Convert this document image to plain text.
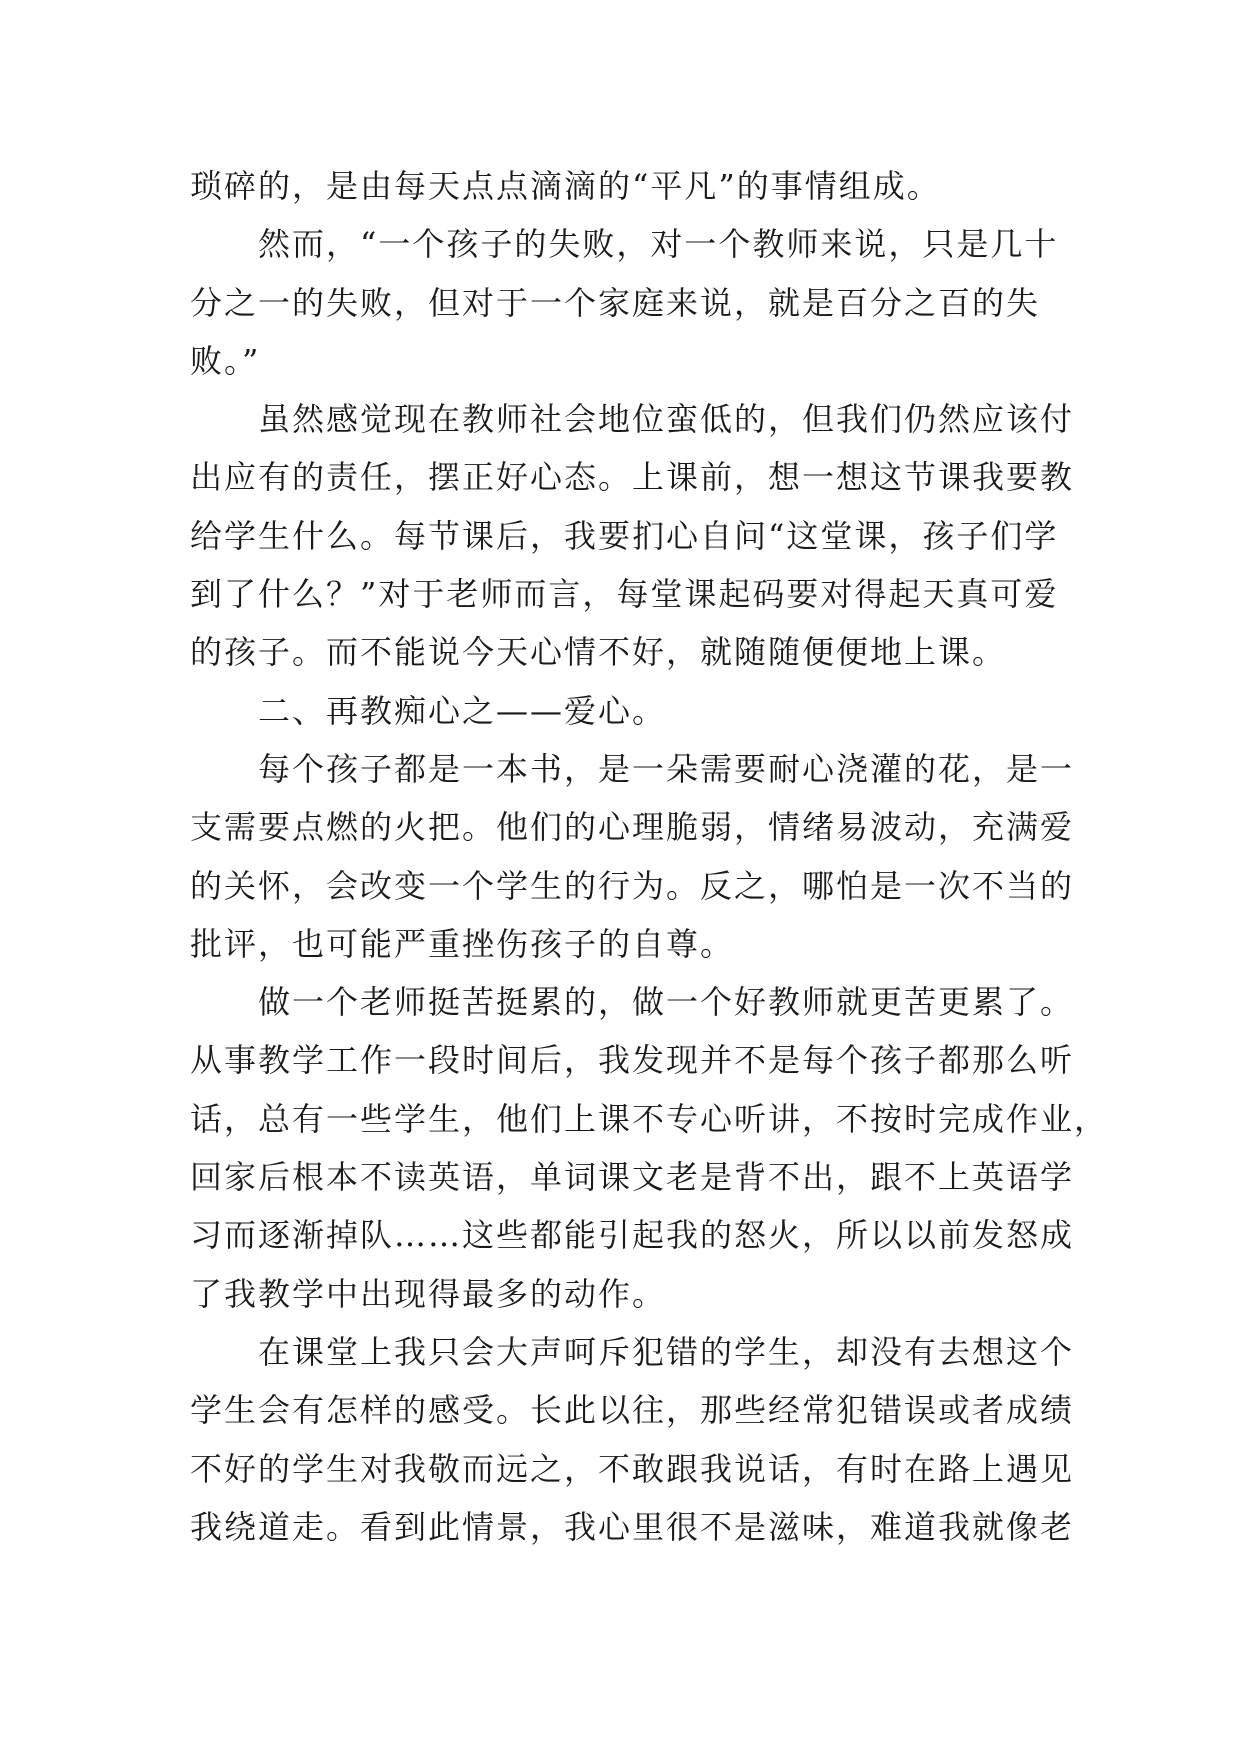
琐碎的，是由每天点点滴滴的“平凡”的事情组成。
然而，“一个孩子的失败，对一个教师来说，只是几十
分之一的失败，但对于一个家庭来说，就是百分之百的失
败。”
虽然感觉现在教师社会地位蛮低的，但我们仍然应该付
出应有的责任，摆正好心态。上课前，想一想这节课我要教
给学生什么。每节课后，我要扪心自问“这堂课，孩子们学
到了什么？”对于老师而言，每堂课起码要对得起天真可爱
的孩子。而不能说今天心情不好，就随随便便地上课。
二、再教痴心之——爱心。
每个孩子都是一本书，是一朵需要耐心浇灌的花，是一
支需要点燃的火把。他们的心理脆弱，情绪易波动，充满爱
的关怀，会改变一个学生的行为。反之，哪怕是一次不当的
批评，也可能严重挫伤孩子的自尊。
做一个老师挺苦挺累的，做一个好教师就更苦更累了。
从事教学工作一段时间后，我发现并不是每个孩子都那么听
话，总有一些学生，他们上课不专心听讲，不按时完成作业，
回家后根本不读英语，单词课文老是背不出，跟不上英语学
习而逐渐掉队……这些都能引起我的怒火，所以以前发怒成
了我教学中出现得最多的动作。
在课堂上我只会大声呵斥犯错的学生，却没有去想这个
学生会有怎样的感受。长此以往，那些经常犯错误或者成绩
不好的学生对我敬而远之，不敢跟我说话，有时在路上遇见
我绕道走。看到此情景，我心里很不是滋味，难道我就像老
